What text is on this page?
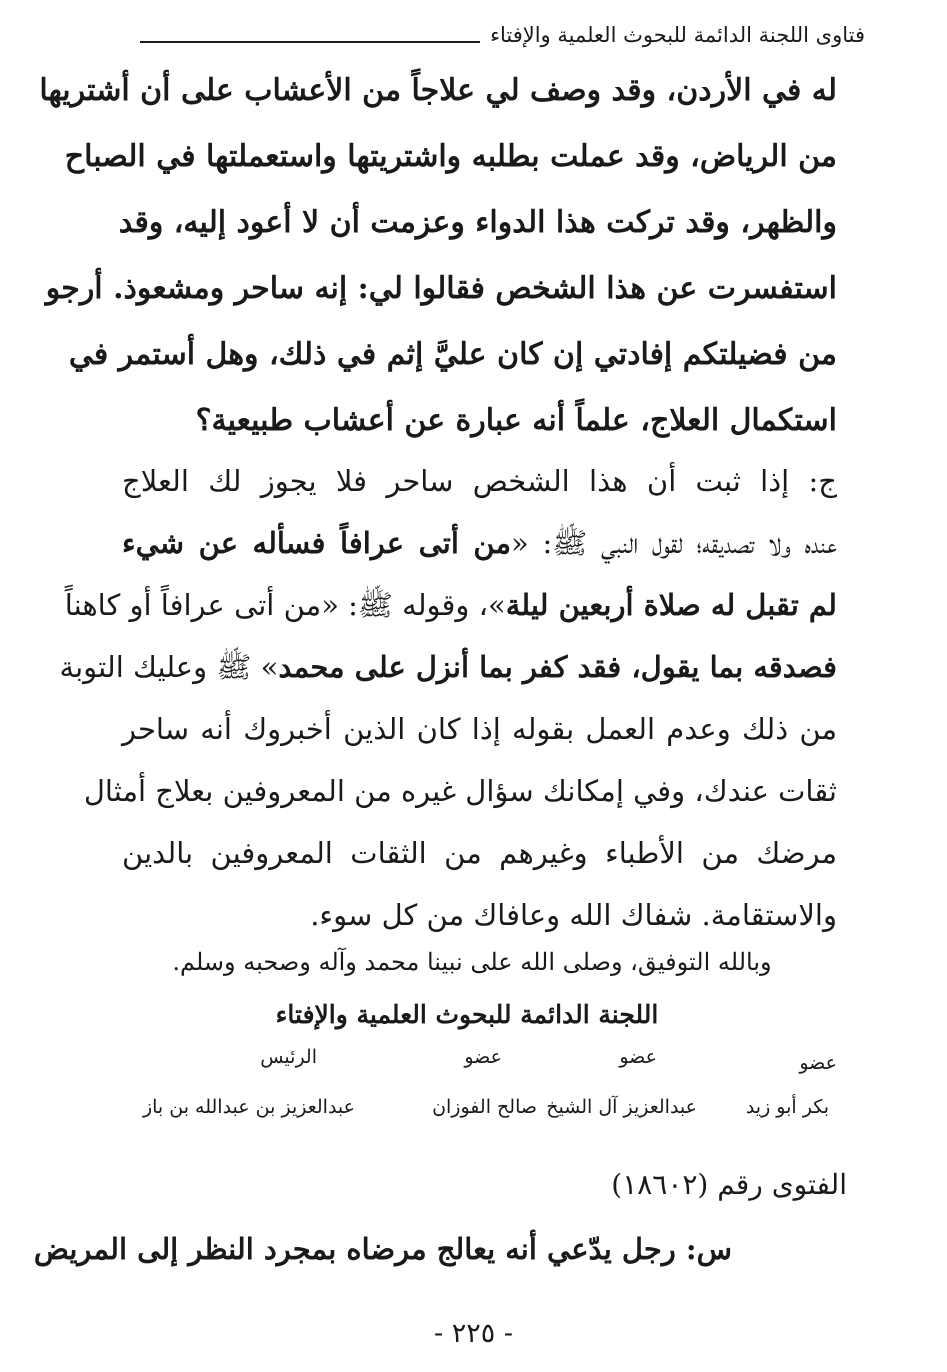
فتاوى اللجنة الدائمة للبحوث العلمية والإفتاء
له في الأردن، وقد وصف لي علاجاً من الأعشاب على أن أشتريها
من الرياض، وقد عملت بطلبه واشتريتها واستعملتها في الصباح
والظهر، وقد تركت هذا الدواء وعزمت أن لا أعود إليه، وقد
استفسرت عن هذا الشخص فقالوا لي: إنه ساحر ومشعوذ. أرجو
من فضيلتكم إفادتي إن كان عليَّ إثم في ذلك، وهل أستمر في
استكمال العلاج، علماً أنه عبارة عن أعشاب طبيعية؟
ج: إذا ثبت أن هذا الشخص ساحر فلا يجوز لك العلاج
عنده ولا تصديقه؛ لقول النبي ﷺ: «من أتى عرافاً فسأله عن شيء
لم تقبل له صلاة أربعين ليلة»، وقوله ﷺ: «من أتى عرافاً أو كاهناً
فصدقه بما يقول، فقد كفر بما أنزل على محمد» ﷺ وعليك التوبة
من ذلك وعدم العمل بقوله إذا كان الذين أخبروك أنه ساحر
ثقات عندك، وفي إمكانك سؤال غيره من المعروفين بعلاج أمثال
مرضك من الأطباء وغيرهم من الثقات المعروفين بالدين
والاستقامة. شفاك الله وعافاك من كل سوء.
وبالله التوفيق، وصلى الله على نبينا محمد وآله وصحبه وسلم.
اللجنة الدائمة للبحوث العلمية والإفتاء
عضو
عضو
عضو
الرئيس
بكر أبو زيد
عبدالعزيز آل الشيخ
صالح الفوزان
عبدالعزيز بن عبدالله بن باز
الفتوى رقم (١٨٦٠٢)
س: رجل يدّعي أنه يعالج مرضاه بمجرد النظر إلى المريض
- ٢٢٥ -
